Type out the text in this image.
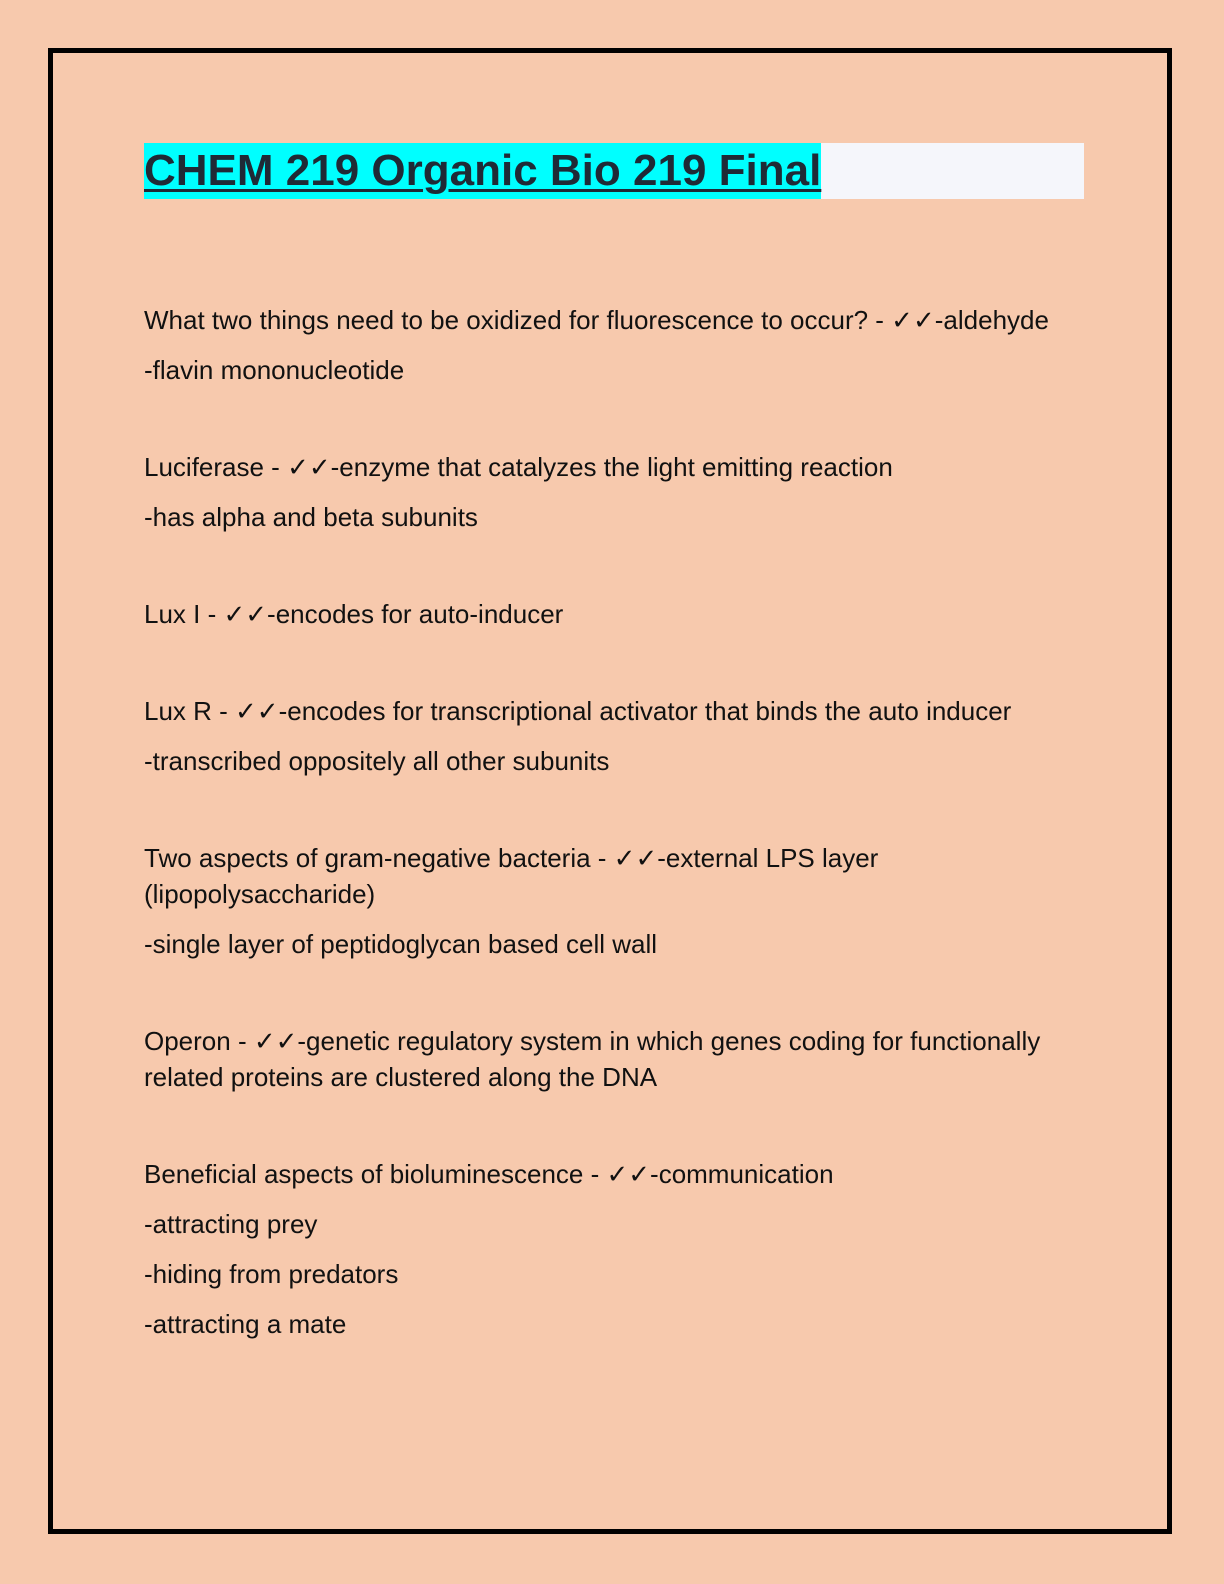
CHEM 219 Organic Bio 219 Final

What two things need to be oxidized for fluorescence to occur? - ✓✓-aldehyde

-flavin mononucleotide

Luciferase - ✓✓-enzyme that catalyzes the light emitting reaction

-has alpha and beta subunits

Lux I - ✓✓-encodes for auto-inducer

Lux R - ✓✓-encodes for transcriptional activator that binds the auto inducer

-transcribed oppositely all other subunits

Two aspects of gram-negative bacteria - ✓✓-external LPS layer (lipopolysaccharide)

-single layer of peptidoglycan based cell wall

Operon - ✓✓-genetic regulatory system in which genes coding for functionally related proteins are clustered along the DNA

Beneficial aspects of bioluminescence - ✓✓-communication

-attracting prey

-hiding from predators

-attracting a mate
